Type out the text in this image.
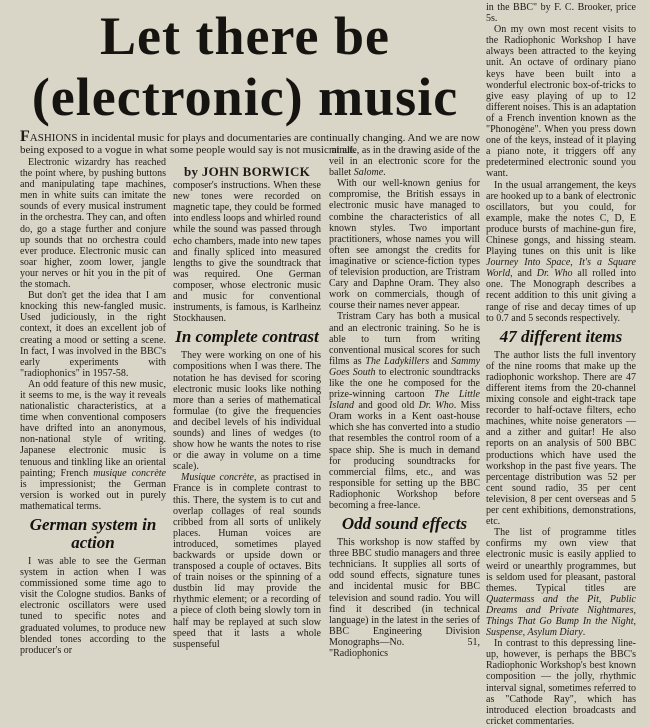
Let there be
(electronic) music
FASHIONS in incidental music for plays and documentaries are continually changing. And we are now being exposed to a vogue in what some people would say is not music at all.

Electronic wizardry has reached the point where, by pushing buttons and manipulating tape machines, men in white suits can imitate the sounds of every musical instrument in the orchestra. They can, and often do, go a stage further and conjure up sounds that no orchestra could ever produce. Electronic music can soar higher, zoom lower, jangle your nerves or hit you in the pit of the stomach.

But don't get the idea that I am knocking this new-fangled music. Used judiciously, in the right context, it does an excellent job of creating a mood or setting a scene. In fact, I was involved in the BBC's early experiments with "radiophonics" in 1957-58.

An odd feature of this new music, it seems to me, is the way it reveals nationalistic characteristics, at a time when conventional composers have drifted into an anonymous, non-national style of writing. Japanese electronic music is tenuous and tinkling like an oriental painting; French musique concrète is impressionist; the German version is worked out in purely mathematical terms.

German system in action

I was able to see the German system in action when I was commissioned some time ago to visit the Cologne studios. Banks of electronic oscillators were used tuned to specific notes and graduated volumes, to produce new blended tones according to the producer's or

by JOHN BORWICK

composer's instructions. When these new tones were recorded on magnetic tape, they could be formed into endless loops and whirled round while the sound was passed through echo chambers, made into new tapes and finally spliced into measured lengths to give the soundtrack that was required. One German composer, whose electronic music and music for conventional instruments, is famous, is Karlheinz Stockhausen.

In complete contrast

They were working on one of his compositions when I was there. The notation he has devised for scoring electronic music looks like nothing more than a series of mathematical formulae (to give the frequencies and decibel levels of his individual sounds) and lines of wedges (to show how he wants the notes to rise or die away in volume on a time scale).

Musique concrète, as practised in France is in complete contrast to this. There, the system is to cut and overlap collages of real sounds cribbed from all sorts of unlikely places. Human voices are introduced, sometimes played backwards or upside down or transposed a couple of octaves. Bits of train noises or the spinning of a dustbin lid may provide the rhythmic element; or a recording of a piece of cloth being slowly torn in half may be replayed at such slow speed that it lasts a whole suspenseful

minute, as in the drawing aside of the veil in an electronic score for the ballet Salome.

With our well-known genius for compromise, the British essays in electronic music have managed to combine the characteristics of all known styles. Two important practitioners, whose names you will often see amongst the credits for imaginative or science-fiction types of television production, are Tristram Cary and Daphne Oram. They also work on commercials, though of course their names never appear.

Tristram Cary has both a musical and an electronic training. So he is able to turn from writing conventional musical scores for such films as The Ladykillers and Sammy Goes South to electronic soundtracks like the one he composed for the prize-winning cartoon The Little Island and good old Dr. Who. Miss Oram works in a Kent oast-house which she has converted into a studio that resembles the control room of a space ship. She is much in demand for producing soundtracks for commercial films, etc., and was responsible for setting up the BBC Radiophonic Workshop before becoming a free-lance.

Odd sound effects

This workshop is now staffed by three BBC studio managers and three technicians. It supplies all sorts of odd sound effects, signature tunes and incidental music for BBC television and sound radio. You will find it described (in technical language) in the latest in the series of BBC Engineering Division Monographs—No. 51, "Radiophonics

in the BBC" by F. C. Brooker, price 5s.

On my own most recent visits to the Radiophonic Workshop I have always been attracted to the keying unit. An octave of ordinary piano keys have been built into a wonderful electronic box-of-tricks to give easy playing of up to 12 different noises. This is an adaptation of a French invention known as the "Phonogène". When you press down one of the keys, instead of it playing a piano note, it triggers off any predetermined electronic sound you want.

In the usual arrangement, the keys are hooked up to a bank of electronic oscillators, but you could, for example, make the notes C, D, E produce bursts of machine-gun fire, Chinese gongs, and hissing steam. Playing tunes on this unit is like Journey Into Space, It's a Square World, and Dr. Who all rolled into one. The Monograph describes a recent addition to this unit giving a range of rise and decay times of up to 0.7 and 5 seconds respectively.

47 different items

The author lists the full inventory of the nine rooms that make up the radiophonic workshop. There are 47 different items from the 20-channel mixing console and eight-track tape recorder to half-octave filters, echo machines, white noise generators — and a zither and guitar! He also reports on an analysis of 500 BBC productions which have used the workshop in the past five years. The percentage distribution was 52 per cent sound radio, 35 per cent television, 8 per cent overseas and 5 per cent exhibitions, demonstrations, etc.

The list of programme titles confirms my own view that electronic music is easily applied to weird or unearthly programmes, but is seldom used for pleasant, pastoral themes. Typical titles are Quatermass and the Pit, Public Dreams and Private Nightmares, Things That Go Bump In the Night, Suspense, Asylum Diary.

In contrast to this depressing line-up, however, is perhaps the BBC's Radiophonic Workshop's best known composition — the jolly, rhythmic interval signal, sometimes referred to as "Cathode Ray", which has introduced election broadcasts and cricket commentaries.
